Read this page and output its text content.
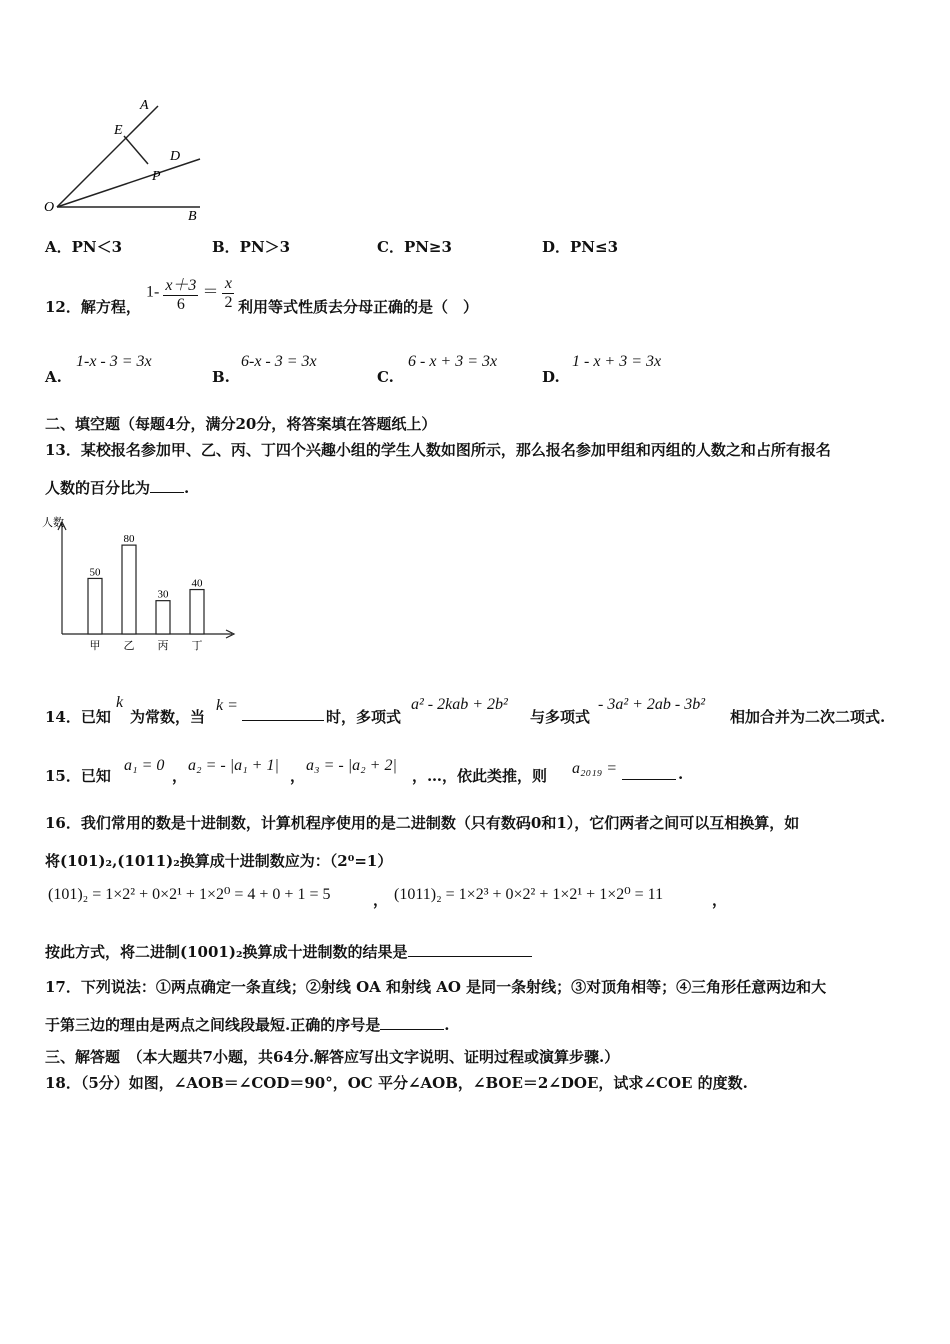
A
E
D
P
O
B
A．PN＜3	B．PN＞3	C．PN≥3	D．PN≤3
12．解方程，
$1- \frac{x+3}{6} = \frac{x}{2}$ 利用等式性质去分母正确的是（　）
A.
1-x - 3 = 3x
B.
6-x - 3 = 3x
C.
6 - x + 3 = 3x
D.
1 - x + 3 = 3x
二、填空题（每题4分，满分20分，将答案填在答题纸上）
13．某校报名参加甲、乙、丙、丁四个兴趣小组的学生人数如图所示，那么报名参加甲组和丙组的人数之和占所有报名
人数的百分比为 .
人数
50
甲
80
乙
30
丙
40
丁
14．已知
k
为常数，当
k =
时，多项式
a² - 2kab + 2b²
与多项式
- 3a² + 2ab - 3b²
相加合并为二次二项式.
15．已知
a₁ = 0
，
a₂ = - |a₁ + 1|
，
a₃ = - |a₂ + 2|
，…，依此类推，则 a₂₀₁₉ =	.
16．我们常用的数是十进制数，计算机程序使用的是二进制数（只有数码0和1），它们两者之间可以互相换算，如
将(101)₂,(1011)₂换算成十进制数应为：（2⁰=1）
(101)₂ = 1×2² + 0×2¹ + 1×2⁰ = 4 + 0 + 1 = 5	， (1011)₂ = 1×2³ + 0×2² + 1×2¹ + 1×2⁰ = 11	，
按此方式，将二进制(1001)₂换算成十进制数的结果是
17．下列说法：①两点确定一条直线；②射线 OA 和射线 AO 是同一条射线；③对顶角相等；④三角形任意两边和大
于第三边的理由是两点之间线段最短.正确的序号是	.
三、解答题　（本大题共7小题，共64分.解答应写出文字说明、证明过程或演算步骤.）
18．（5分）如图，∠AOB＝∠COD＝90°，OC 平分∠AOB，∠BOE＝2∠DOE，试求∠COE 的度数.
